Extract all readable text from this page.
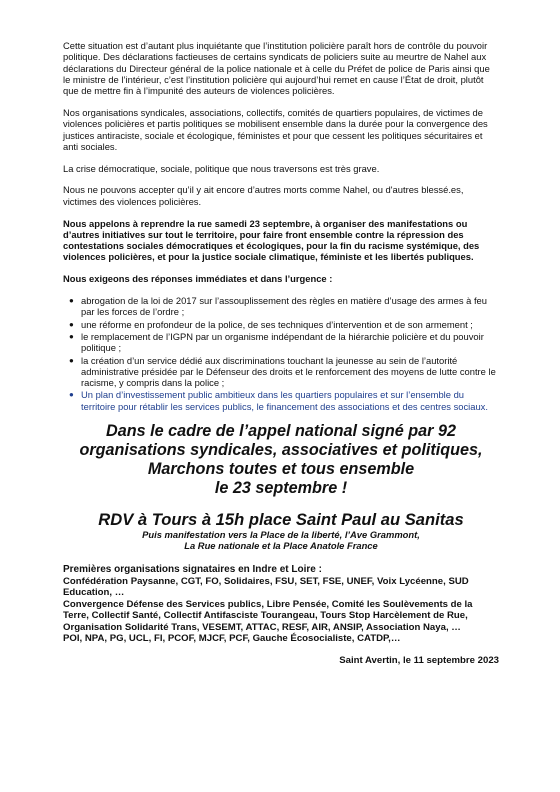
Cette situation est d’autant plus inquiétante que l’institution policière paraît hors de contrôle du pouvoir politique. Des déclarations factieuses de certains syndicats de policiers suite au meurtre de Nahel aux déclarations du Directeur général de la police nationale et à celle du Préfet de police de Paris ainsi que le ministre de l’intérieur, c’est l’institution policière qui aujourd’hui remet en cause l’État de droit, plutôt que de mettre fin à l’impunité des auteurs de violences policières.

Nos organisations syndicales, associations, collectifs, comités de quartiers populaires, de victimes de violences policières et partis politiques se mobilisent ensemble dans la durée pour la convergence des justices antiraciste, sociale et écologique, féministes et pour que cessent les politiques sécuritaires et anti sociales.

La crise démocratique, sociale, politique que nous traversons est très grave.

Nous ne pouvons accepter qu’il y ait encore d’autres morts comme Nahel, ou d'autres blessé.es, victimes des violences policières.

Nous appelons à reprendre la rue samedi 23 septembre, à organiser des manifestations ou d’autres initiatives sur tout le territoire, pour faire front ensemble contre la répression des contestations sociales démocratiques et écologiques, pour la fin du racisme systémique, des violences policières, et pour la justice sociale climatique, féministe et les libertés publiques.

Nous exigeons des réponses immédiates et dans l’urgence :

● abrogation de la loi de 2017 sur l’assouplissement des règles en matière d’usage des armes à feu par les forces de l’ordre ;
● une réforme en profondeur de la police, de ses techniques d’intervention et de son armement ;
● le remplacement de l’IGPN par un organisme indépendant de la hiérarchie policière et du pouvoir politique ;
● la création d’un service dédié aux discriminations touchant la jeunesse au sein de l’autorité administrative présidée par le Défenseur des droits et le renforcement des moyens de lutte contre le racisme, y compris dans la police ;
● Un plan d’investissement public ambitieux dans les quartiers populaires et sur l’ensemble du territoire pour rétablir les services publics, le financement des associations et des centres sociaux.
Dans le cadre de l’appel national signé par 92
organisations syndicales, associatives et politiques,
Marchons toutes et tous ensemble
le 23 septembre !
RDV à Tours à 15h place Saint Paul au Sanitas
Puis manifestation vers la Place de la liberté, l’Ave Grammont,
La Rue nationale et la Place Anatole France
Premières organisations signataires en Indre et Loire :
Confédération Paysanne, CGT, FO, Solidaires, FSU, SET, FSE, UNEF, Voix Lycéenne, SUD Education, …
Convergence Défense des Services publics, Libre Pensée, Comité les Soulèvements de la Terre, Collectif Santé, Collectif Antifasciste Tourangeau, Tours Stop Harcèlement de Rue, Organisation Solidarité Trans, VESEMT, ATTAC, RESF, AIR, ANSIP, Association Naya, …
POI, NPA, PG, UCL, FI, PCOF, MJCF, PCF, Gauche Écosocialiste, CATDP,…
Saint Avertin, le 11 septembre 2023
